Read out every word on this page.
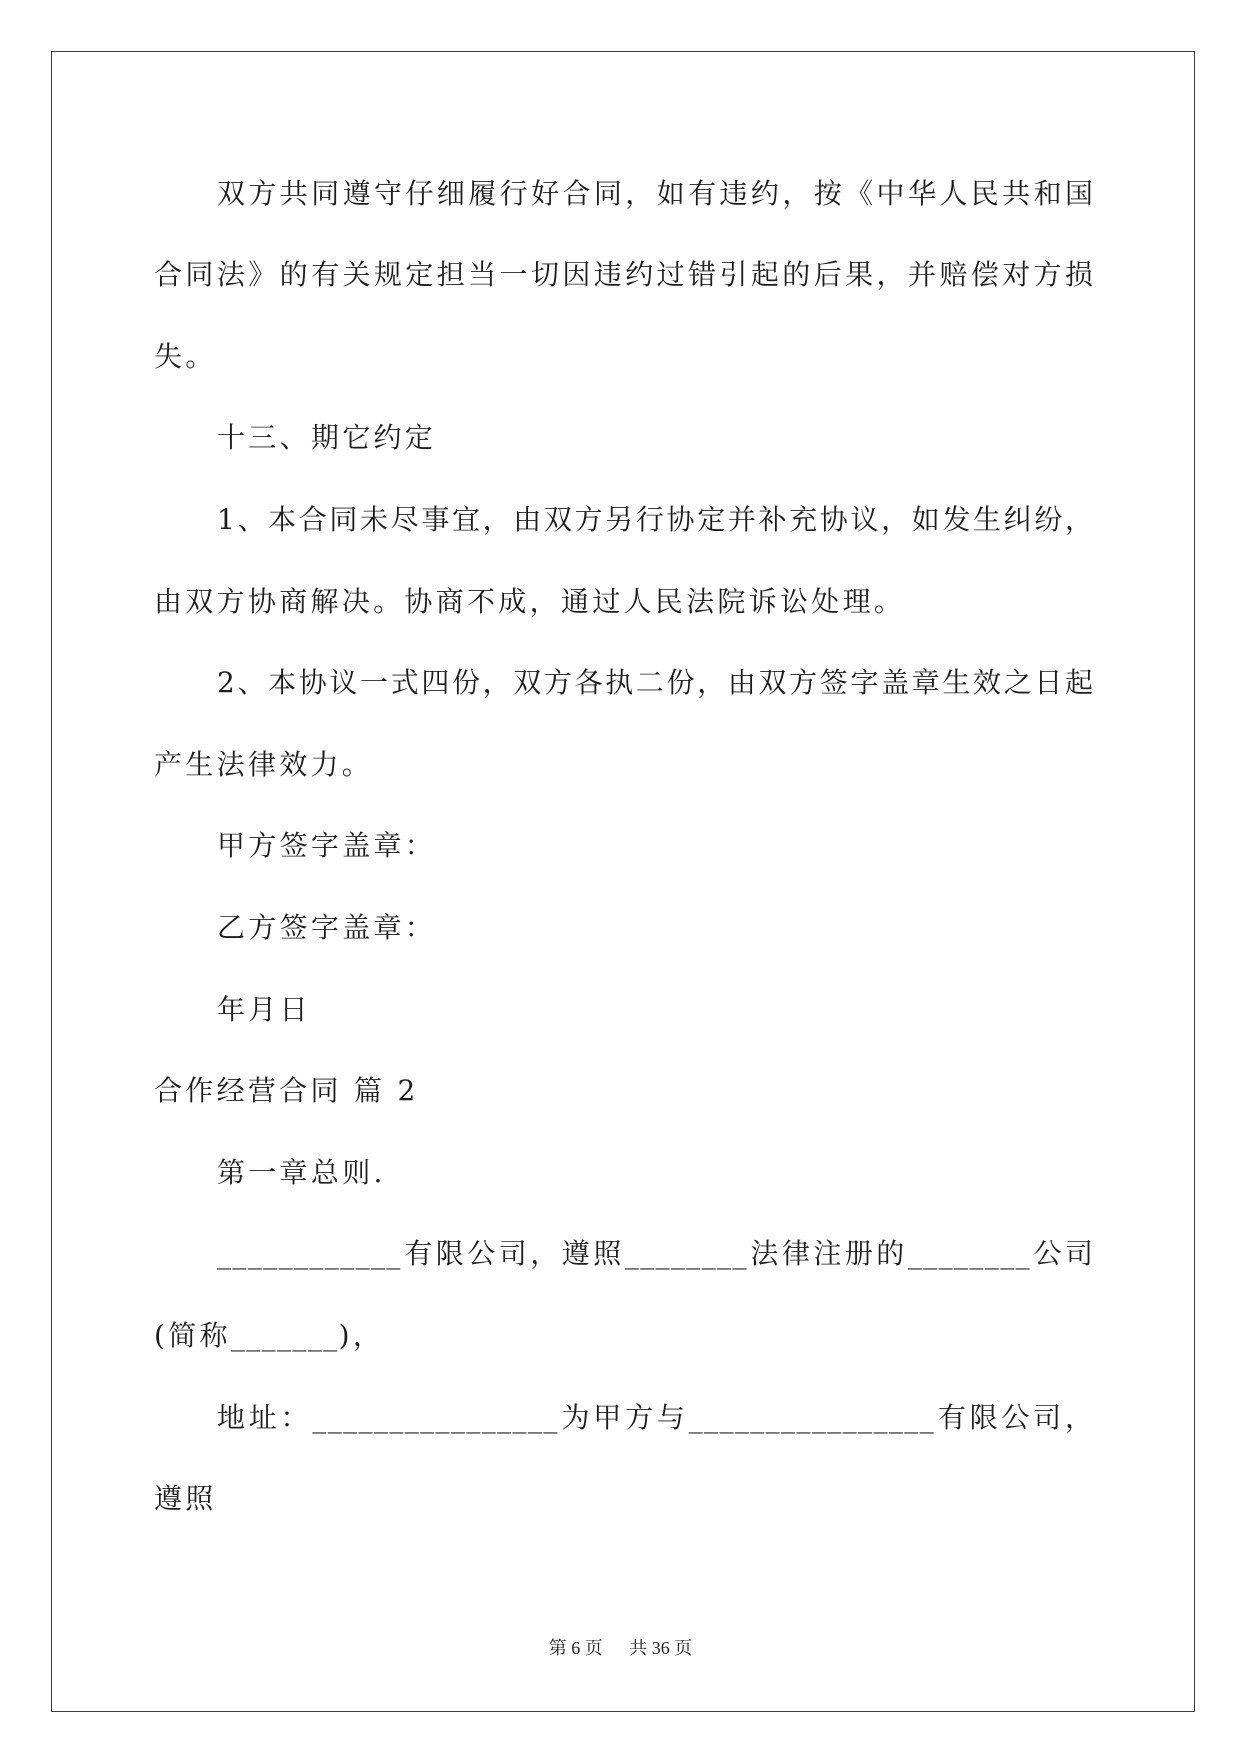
双方共同遵守仔细履行好合同，如有违约，按《中华人民共和国
合同法》的有关规定担当一切因违约过错引起的后果，并赔偿对方损
失。
十三、期它约定
1、本合同未尽事宜，由双方另行协定并补充协议，如发生纠纷，
由双方协商解决。协商不成，通过人民法院诉讼处理。
2、本协议一式四份，双方各执二份，由双方签字盖章生效之日起
产生法律效力。
甲方签字盖章：
乙方签字盖章：
年月日
合作经营合同 篇 2
第一章总则.
____________有限公司，遵照________法律注册的________公司
(简称_______)，
地址：________________为甲方与________________有限公司，
遵照
第 6 页 共 36 页
